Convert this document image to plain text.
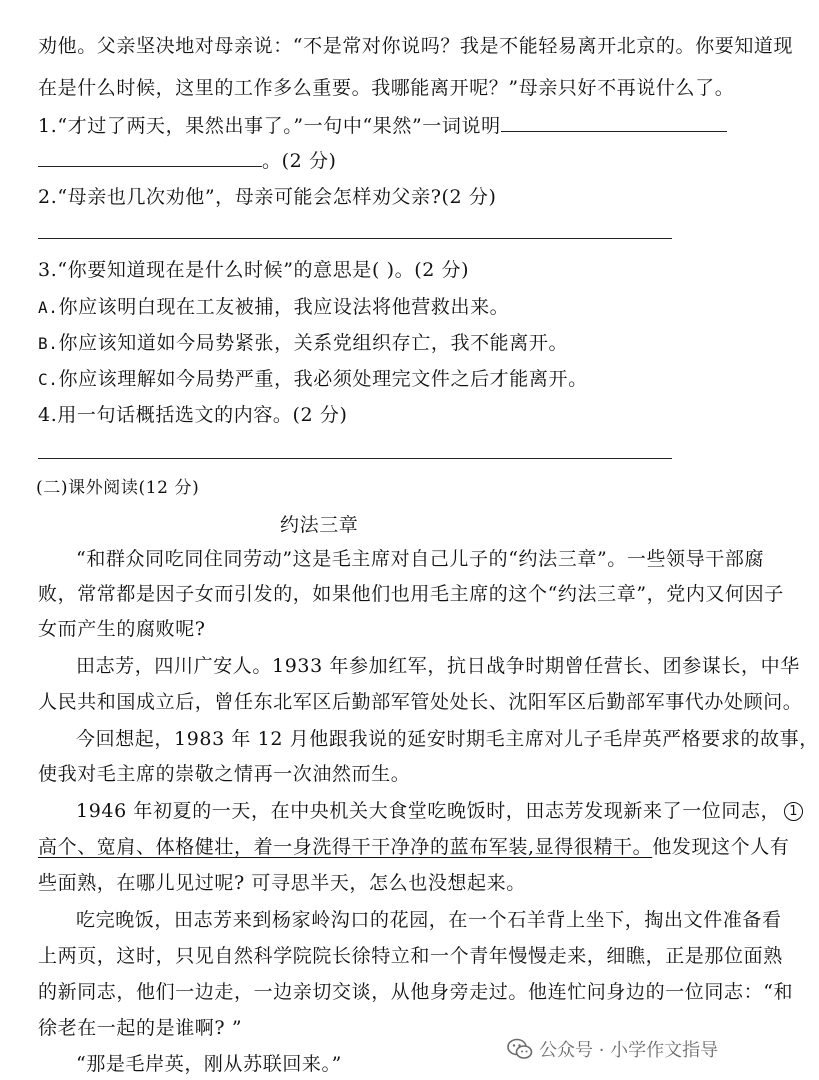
劝他。父亲坚决地对母亲说：“不是常对你说吗？我是不能轻易离开北京的。你要知道现
在是什么时候，这里的工作多么重要。我哪能离开呢？”母亲只好不再说什么了。
1.“才过了两天，果然出事了。”一句中“果然”一词说明
。(2 分)
2.“母亲也几次劝他”，母亲可能会怎样劝父亲?(2 分)
3.“你要知道现在是什么时候”的意思是( )。(2 分)
A.你应该明白现在工友被捕，我应设法将他营救出来。
B.你应该知道如今局势紧张，关系党组织存亡，我不能离开。
C.你应该理解如今局势严重，我必须处理完文件之后才能离开。
4.用一句话概括选文的内容。(2 分)
(二)课外阅读(12 分)
约法三章
“和群众同吃同住同劳动”这是毛主席对自己儿子的“约法三章”。一些领导干部腐
败，常常都是因子女而引发的，如果他们也用毛主席的这个“约法三章”，党内又何因子
女而产生的腐败呢?
田志芳，四川广安人。1933 年参加红军，抗日战争时期曾任营长、团参谋长，中华
人民共和国成立后，曾任东北军区后勤部军管处处长、沈阳军区后勤部军事代办处顾问。
今回想起，1983 年 12 月他跟我说的延安时期毛主席对儿子毛岸英严格要求的故事，
使我对毛主席的崇敬之情再一次油然而生。
1946 年初夏的一天，在中央机关大食堂吃晚饭时，田志芳发现新来了一位同志， 1
高个、宽肩、体格健壮，着一身洗得干干净净的蓝布军装,显得很精干。他发现这个人有
些面熟，在哪儿见过呢? 可寻思半天，怎么也没想起来。
吃完晚饭，田志芳来到杨家岭沟口的花园，在一个石羊背上坐下，掏出文件准备看
上两页，这时，只见自然科学院院长徐特立和一个青年慢慢走来，细瞧，正是那位面熟
的新同志，他们一边走，一边亲切交谈，从他身旁走过。他连忙问身边的一位同志：“和
徐老在一起的是谁啊? ”
“那是毛岸英，刚从苏联回来。”
公众号 · 小学作文指导
